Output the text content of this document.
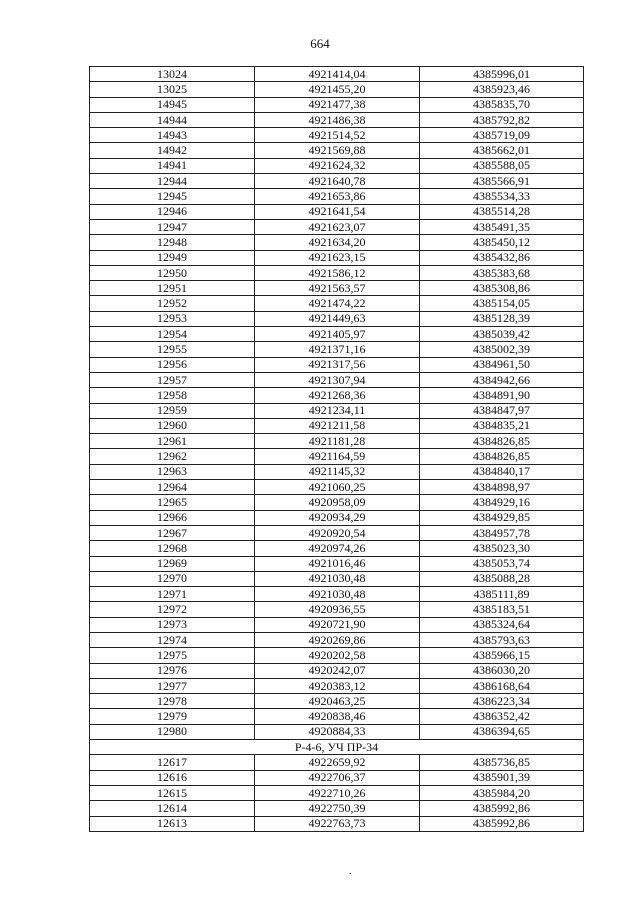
664
13024	4921414,04	4385996,01
13025	4921455,20	4385923,46
14945	4921477,38	4385835,70
14944	4921486,38	4385792,82
14943	4921514,52	4385719,09
14942	4921569,88	4385662,01
14941	4921624,32	4385588,05
12944	4921640,78	4385566,91
12945	4921653,86	4385534,33
12946	4921641,54	4385514,28
12947	4921623,07	4385491,35
12948	4921634,20	4385450,12
12949	4921623,15	4385432,86
12950	4921586,12	4385383,68
12951	4921563,57	4385308,86
12952	4921474,22	4385154,05
12953	4921449,63	4385128,39
12954	4921405,97	4385039,42
12955	4921371,16	4385002,39
12956	4921317,56	4384961,50
12957	4921307,94	4384942,66
12958	4921268,36	4384891,90
12959	4921234,11	4384847,97
12960	4921211,58	4384835,21
12961	4921181,28	4384826,85
12962	4921164,59	4384826,85
12963	4921145,32	4384840,17
12964	4921060,25	4384898,97
12965	4920958,09	4384929,16
12966	4920934,29	4384929,85
12967	4920920,54	4384957,78
12968	4920974,26	4385023,30
12969	4921016,46	4385053,74
12970	4921030,48	4385088,28
12971	4921030,48	4385111,89
12972	4920936,55	4385183,51
12973	4920721,90	4385324,64
12974	4920269,86	4385793,63
12975	4920202,58	4385966,15
12976	4920242,07	4386030,20
12977	4920383,12	4386168,64
12978	4920463,25	4386223,34
12979	4920838,46	4386352,42
12980	4920884,33	4386394,65
Р-4-6, УЧ ПР-34		
12617	4922659,92	4385736,85
12616	4922706,37	4385901,39
12615	4922710,26	4385984,20
12614	4922750,39	4385992,86
12613	4922763,73	4385992,86
.
